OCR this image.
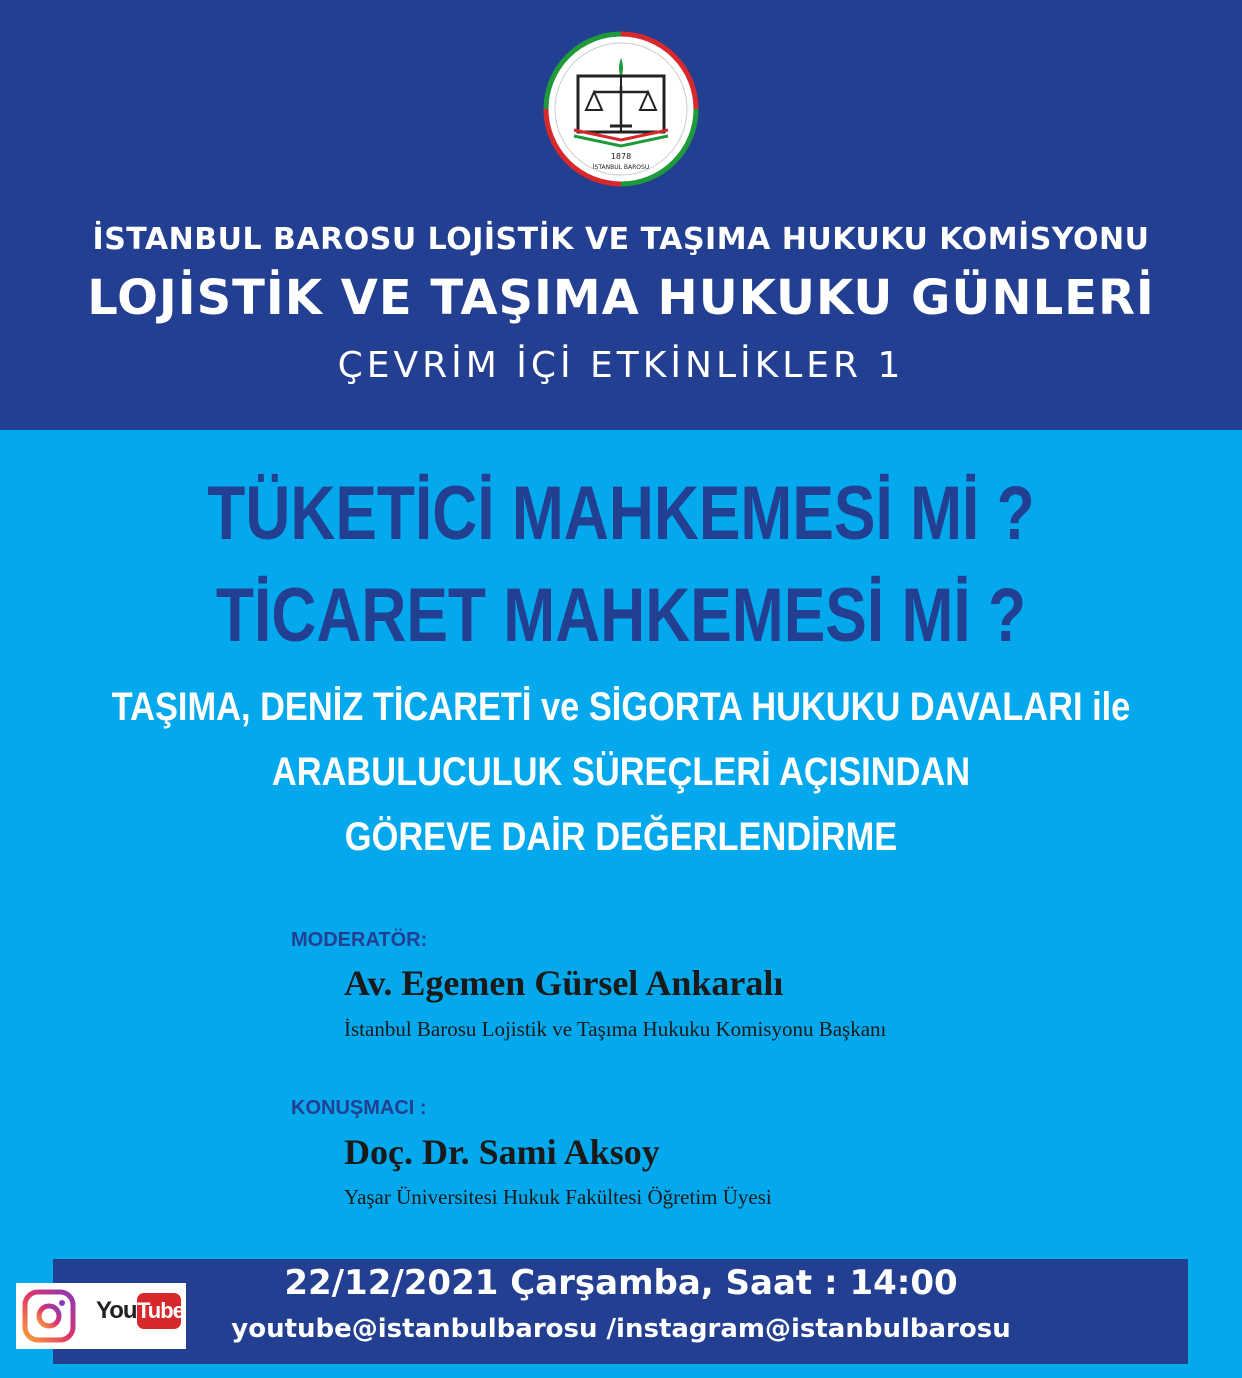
1878
İSTANBUL BAROSU
İSTANBUL BAROSU LOJİSTİK VE TAŞIMA HUKUKU KOMİSYONU
LOJİSTİK VE TAŞIMA HUKUKU GÜNLERİ
ÇEVRİM İÇİ ETKİNLİKLER 1
TÜKETİCİ MAHKEMESİ Mİ ?
TİCARET MAHKEMESİ Mİ ?
TAŞIMA, DENİZ TİCARETİ ve SİGORTA HUKUKU DAVALARI ile
ARABULUCULUK SÜREÇLERİ AÇISINDAN
GÖREVE DAİR DEĞERLENDİRME
MODERATÖR:
Av. Egemen Gürsel Ankaralı
İstanbul Barosu Lojistik ve Taşıma Hukuku Komisyonu Başkanı
KONUŞMACI :
Doç. Dr. Sami Aksoy
Yaşar Üniversitesi Hukuk Fakültesi Öğretim Üyesi
22/12/2021 Çarşamba, Saat : 14:00
youtube@istanbulbarosu /instagram@istanbulbarosu
You Tube
